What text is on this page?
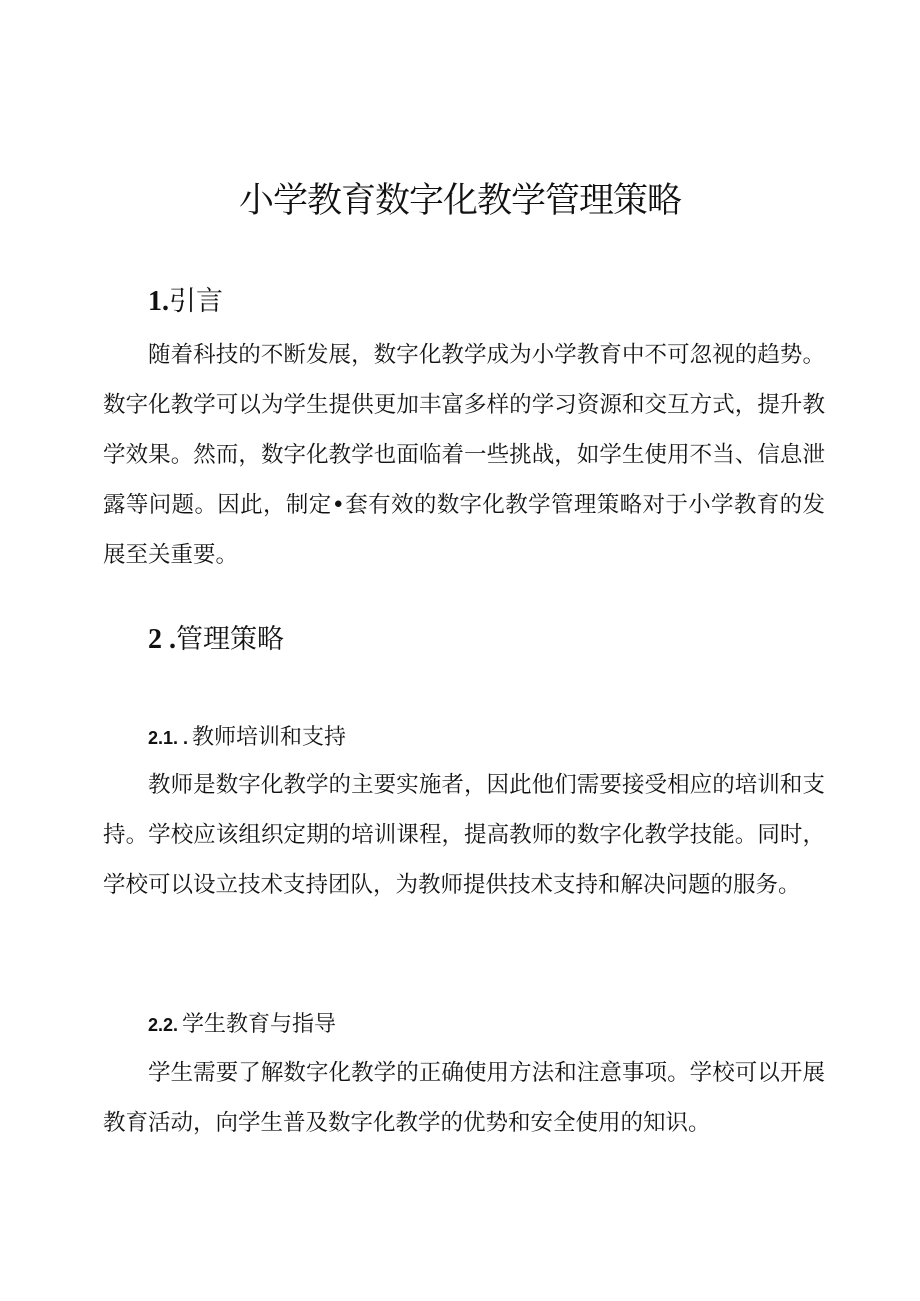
小学教育数字化教学管理策略
1.引言

随着科技的不断发展，数字化教学成为小学教育中不可忽视的趋势。数字化教学可以为学生提供更加丰富多样的学习资源和交互方式，提升教学效果。然而，数字化教学也面临着一些挑战，如学生使用不当、信息泄露等问题。因此，制定•套有效的数字化教学管理策略对于小学教育的发展至关重要。

2 .管理策略
2.1. . 教师培训和支持

教师是数字化教学的主要实施者，因此他们需要接受相应的培训和支持。学校应该组织定期的培训课程，提高教师的数字化教学技能。同时，学校可以设立技术支持团队，为教师提供技术支持和解决问题的服务。

2.2. 学生教育与指导

学生需要了解数字化教学的正确使用方法和注意事项。学校可以开展教育活动，向学生普及数字化教学的优势和安全使用的知识。
